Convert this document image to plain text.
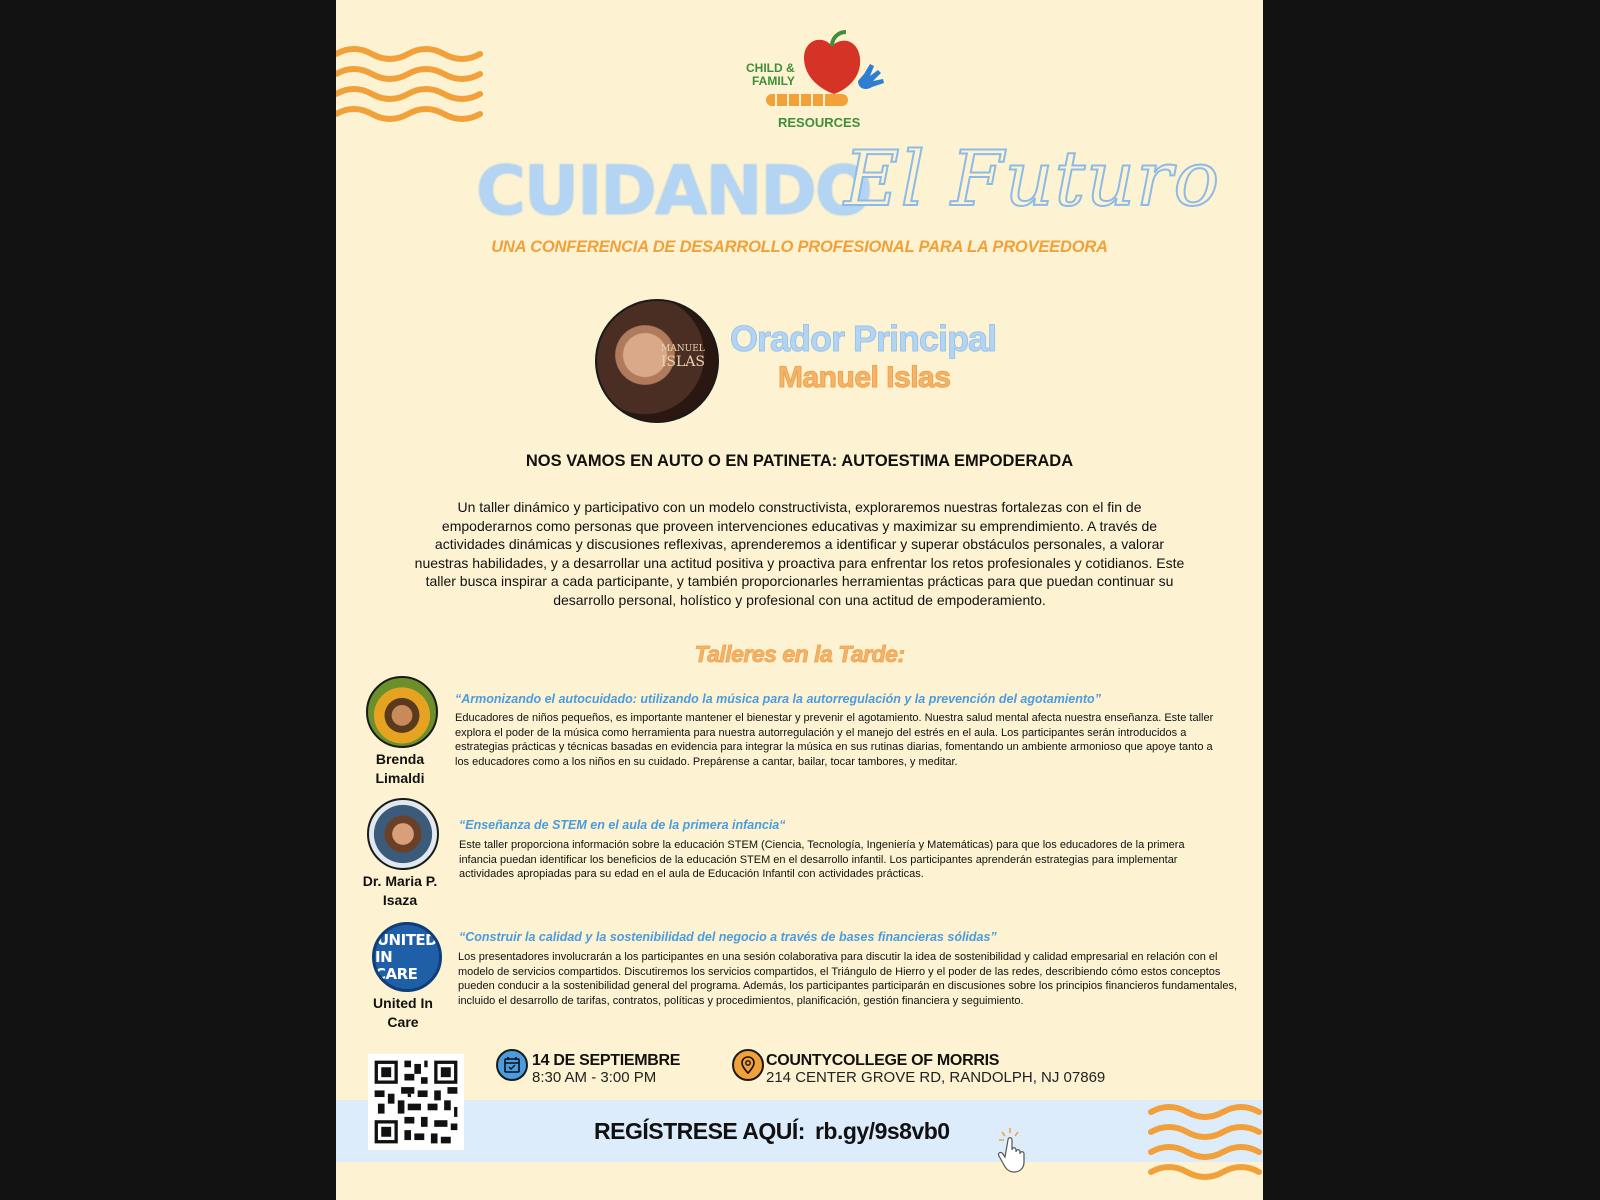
CHILD &
FAMILY
RESOURCES
CUIDANDO
El Futuro
UNA CONFERENCIA DE DESARROLLO PROFESIONAL PARA LA PROVEEDORA
MANUEL
ISLAS
Orador Principal
Manuel Islas
NOS VAMOS EN AUTO O EN PATINETA: AUTOESTIMA EMPODERADA
Un taller dinámico y participativo con un modelo constructivista, exploraremos nuestras fortalezas con el fin de empoderarnos como personas que proveen intervenciones educativas y maximizar su emprendimiento. A través de actividades dinámicas y discusiones reflexivas, aprenderemos a identificar y superar obstáculos personales, a valorar nuestras habilidades, y a desarrollar una actitud positiva y proactiva para enfrentar los retos profesionales y cotidianos. Este taller busca inspirar a cada participante, y también proporcionarles herramientas prácticas para que puedan continuar su desarrollo personal, holístico y profesional con una actitud de empoderamiento.
Talleres en la Tarde:
Brenda Limaldi
“Armonizando el autocuidado: utilizando la música para la autorregulación y la prevención del agotamiento”
Educadores de niños pequeños, es importante mantener el bienestar y prevenir el agotamiento. Nuestra salud mental afecta nuestra enseñanza. Este taller explora el poder de la música como herramienta para nuestra autorregulación y el manejo del estrés en el aula. Los participantes serán introducidos a estrategias prácticas y técnicas basadas en evidencia para integrar la música en sus rutinas diarias, fomentando un ambiente armonioso que apoye tanto a los educadores como a los niños en su cuidado. Prepárense a cantar, bailar, tocar tambores, y meditar.
Dr. Maria P. Isaza
“Enseñanza de STEM en el aula de la primera infancia“
Este taller proporciona información sobre la educación STEM (Ciencia, Tecnología, Ingeniería y Matemáticas) para que los educadores de la primera infancia puedan identificar los beneficios de la educación STEM en el desarrollo infantil. Los participantes aprenderán estrategias para implementar actividades apropiadas para su edad en el aula de Educación Infantil con actividades prácticas.
UNITED
IN CARE
United In Care
“Construir la calidad y la sostenibilidad del negocio a través de bases financieras sólidas”
Los presentadores involucrarán a los participantes en una sesión colaborativa para discutir la idea de sostenibilidad y calidad empresarial en relación con el modelo de servicios compartidos. Discutiremos los servicios compartidos, el Triángulo de Hierro y el poder de las redes, describiendo cómo estos conceptos pueden conducir a la sostenibilidad general del programa. Además, los participantes participarán en discusiones sobre los principios financieros fundamentales, incluido el desarrollo de tarifas, contratos, políticas y procedimientos, planificación, gestión financiera y seguimiento.
14 DE SEPTIEMBRE
8:30 AM - 3:00 PM
COUNTYCOLLEGE OF MORRIS
214 CENTER GROVE RD, RANDOLPH, NJ 07869
REGÍSTRESE AQUÍ: rb.gy/9s8vb0
